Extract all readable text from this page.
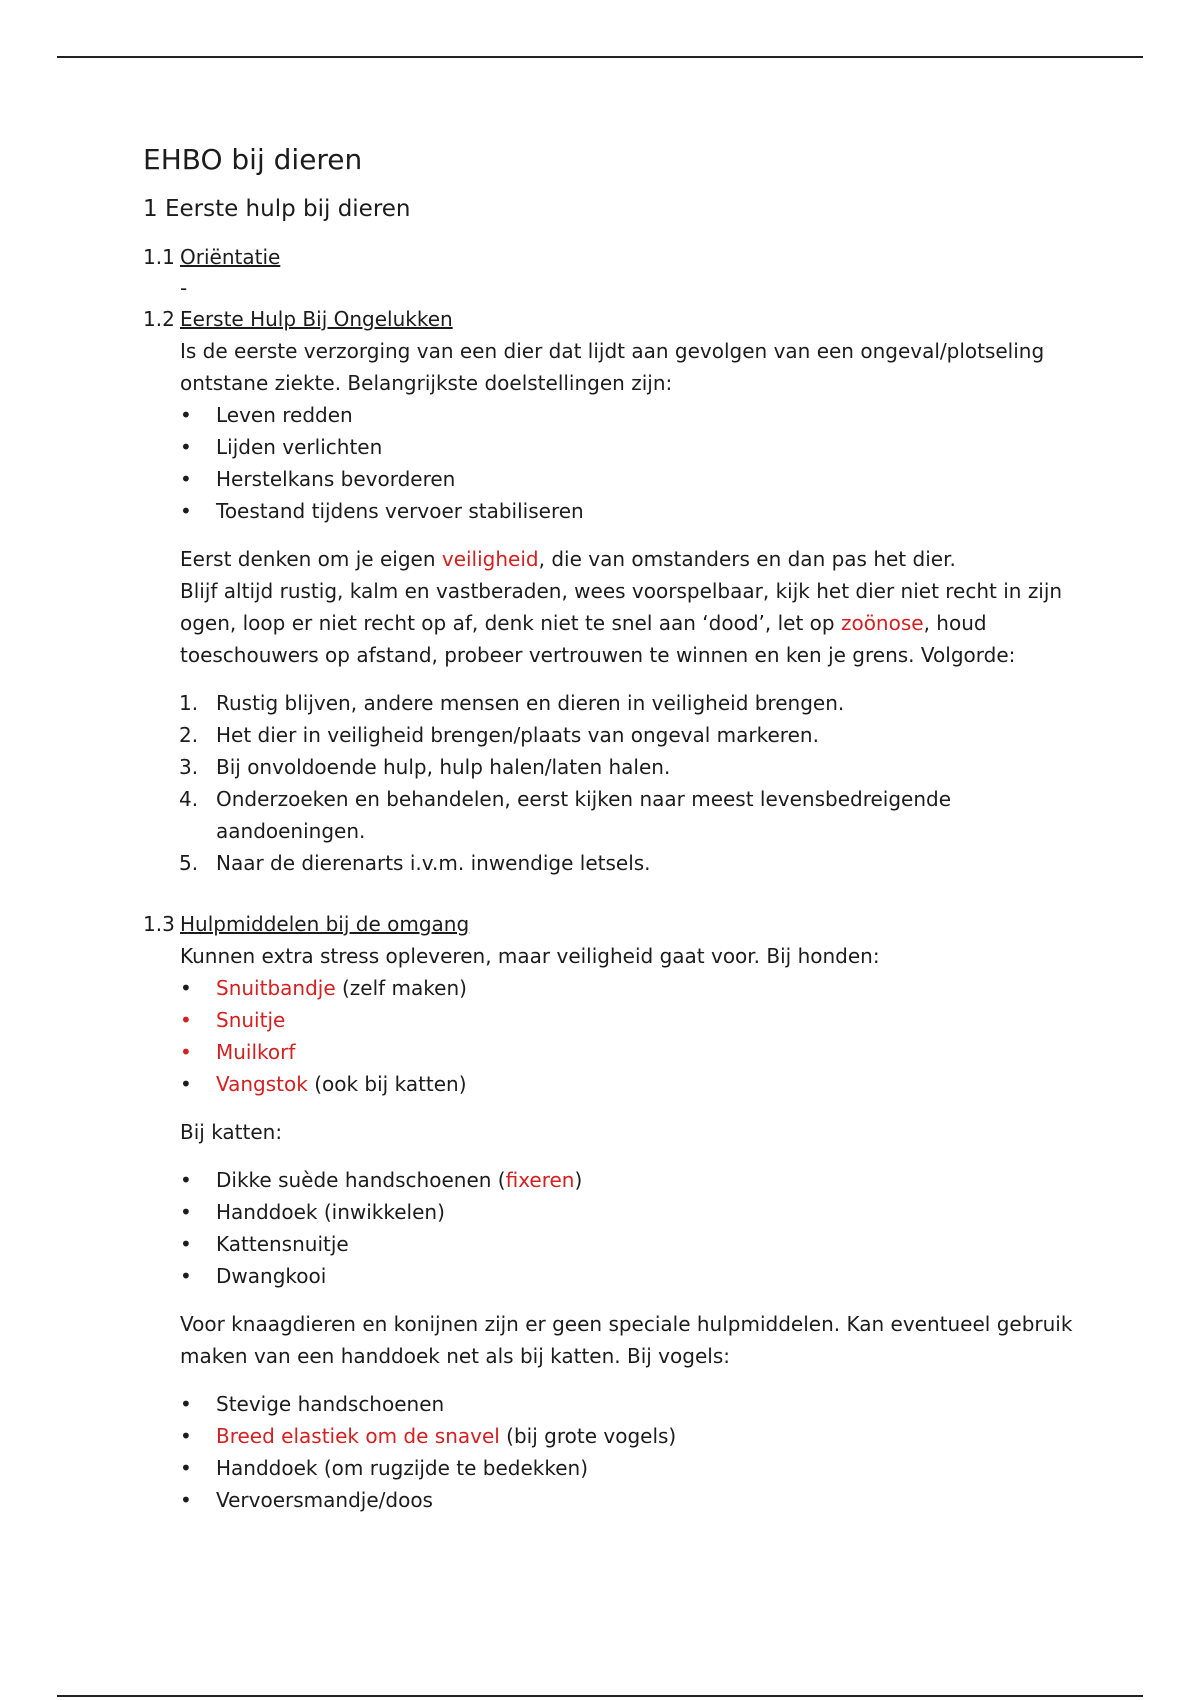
EHBO bij dieren
1 Eerste hulp bij dieren
1.1 Oriëntatie
-
1.2 Eerste Hulp Bij Ongelukken

Is de eerste verzorging van een dier dat lijdt aan gevolgen van een ongeval/plotseling ontstane ziekte. Belangrijkste doelstellingen zijn:

• Leven redden
• Lijden verlichten
• Herstelkans bevorderen
• Toestand tijdens vervoer stabiliseren

Eerst denken om je eigen veiligheid, die van omstanders en dan pas het dier.

Blijf altijd rustig, kalm en vastberaden, wees voorspelbaar, kijk het dier niet recht in zijn ogen, loop er niet recht op af, denk niet te snel aan ‘dood’, let op zoönose, houd toeschouwers op afstand, probeer vertrouwen te winnen en ken je grens. Volgorde:

1. Rustig blijven, andere mensen en dieren in veiligheid brengen.
2. Het dier in veiligheid brengen/plaats van ongeval markeren.
3. Bij onvoldoende hulp, hulp halen/laten halen.
4. Onderzoeken en behandelen, eerst kijken naar meest levensbedreigende aandoeningen.
5. Naar de dierenarts i.v.m. inwendige letsels.
1.3 Hulpmiddelen bij de omgang

Kunnen extra stress opleveren, maar veiligheid gaat voor. Bij honden:

• Snuitbandje (zelf maken)
• Snuitje
• Muilkorf
• Vangstok (ook bij katten)

Bij katten:

• Dikke suède handschoenen (fixeren)
• Handdoek (inwikkelen)
• Kattensnuitje
• Dwangkooi

Voor knaagdieren en konijnen zijn er geen speciale hulpmiddelen. Kan eventueel gebruik maken van een handdoek net als bij katten. Bij vogels:

• Stevige handschoenen
• Breed elastiek om de snavel (bij grote vogels)
• Handdoek (om rugzijde te bedekken)
• Vervoersmandje/doos
